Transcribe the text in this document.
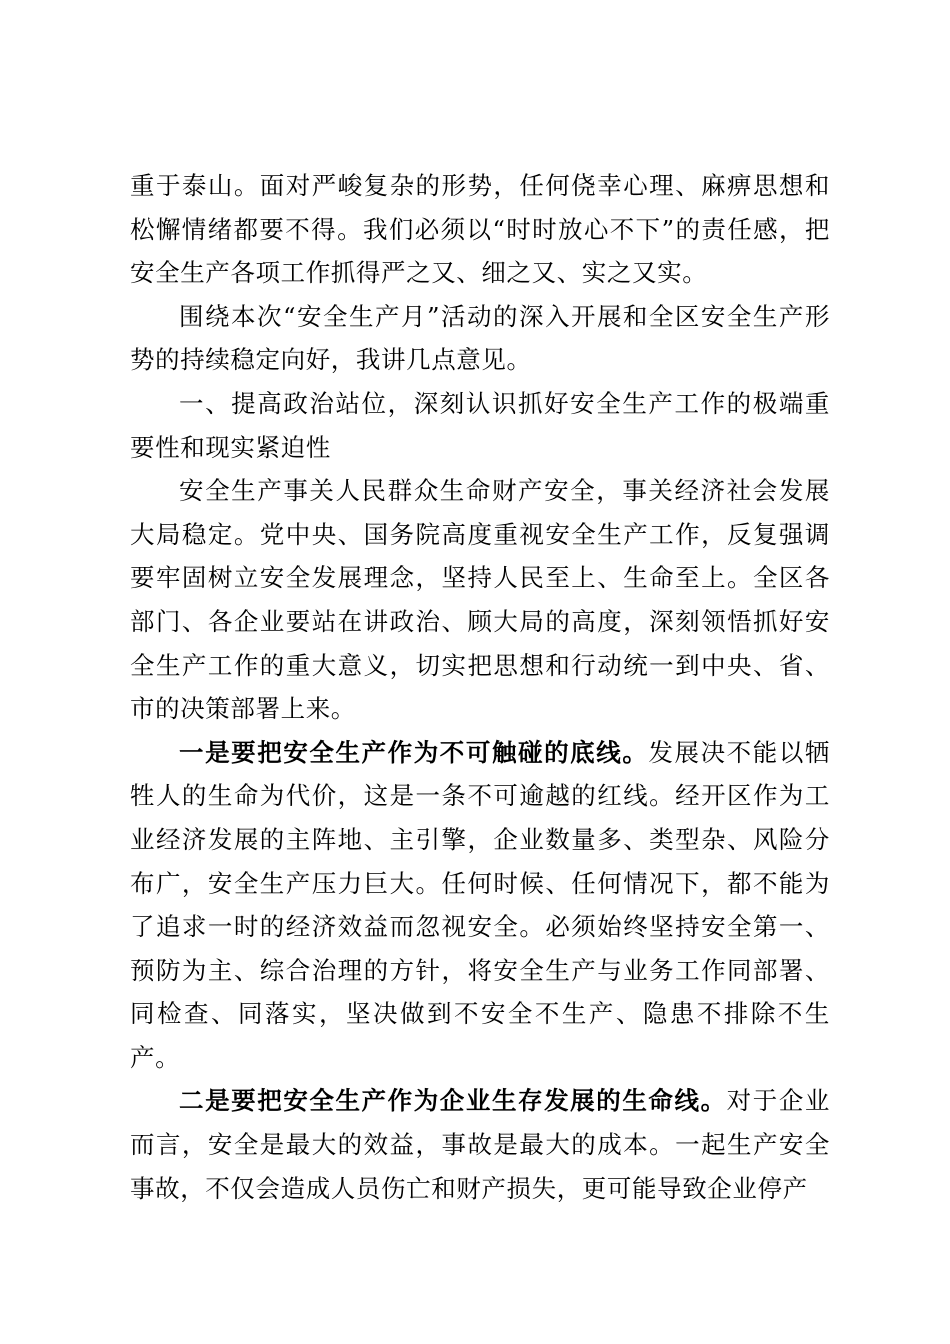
重于泰山。面对严峻复杂的形势，任何侥幸心理、麻痹思想和松懈情绪都要不得。我们必须以“时时放心不下”的责任感，把安全生产各项工作抓得严之又、细之又、实之又实。

围绕本次“安全生产月”活动的深入开展和全区安全生产形势的持续稳定向好，我讲几点意见。

一、提高政治站位，深刻认识抓好安全生产工作的极端重要性和现实紧迫性

安全生产事关人民群众生命财产安全，事关经济社会发展大局稳定。党中央、国务院高度重视安全生产工作，反复强调要牢固树立安全发展理念，坚持人民至上、生命至上。全区各部门、各企业要站在讲政治、顾大局的高度，深刻领悟抓好安全生产工作的重大意义，切实把思想和行动统一到中央、省、市的决策部署上来。

一是要把安全生产作为不可触碰的底线。发展决不能以牺牲人的生命为代价，这是一条不可逾越的红线。经开区作为工业经济发展的主阵地、主引擎，企业数量多、类型杂、风险分布广，安全生产压力巨大。任何时候、任何情况下，都不能为了追求一时的经济效益而忽视安全。必须始终坚持安全第一、预防为主、综合治理的方针，将安全生产与业务工作同部署、同检查、同落实，坚决做到不安全不生产、隐患不排除不生产。

二是要把安全生产作为企业生存发展的生命线。对于企业而言，安全是最大的效益，事故是最大的成本。一起生产安全事故，不仅会造成人员伤亡和财产损失，更可能导致企业停产
